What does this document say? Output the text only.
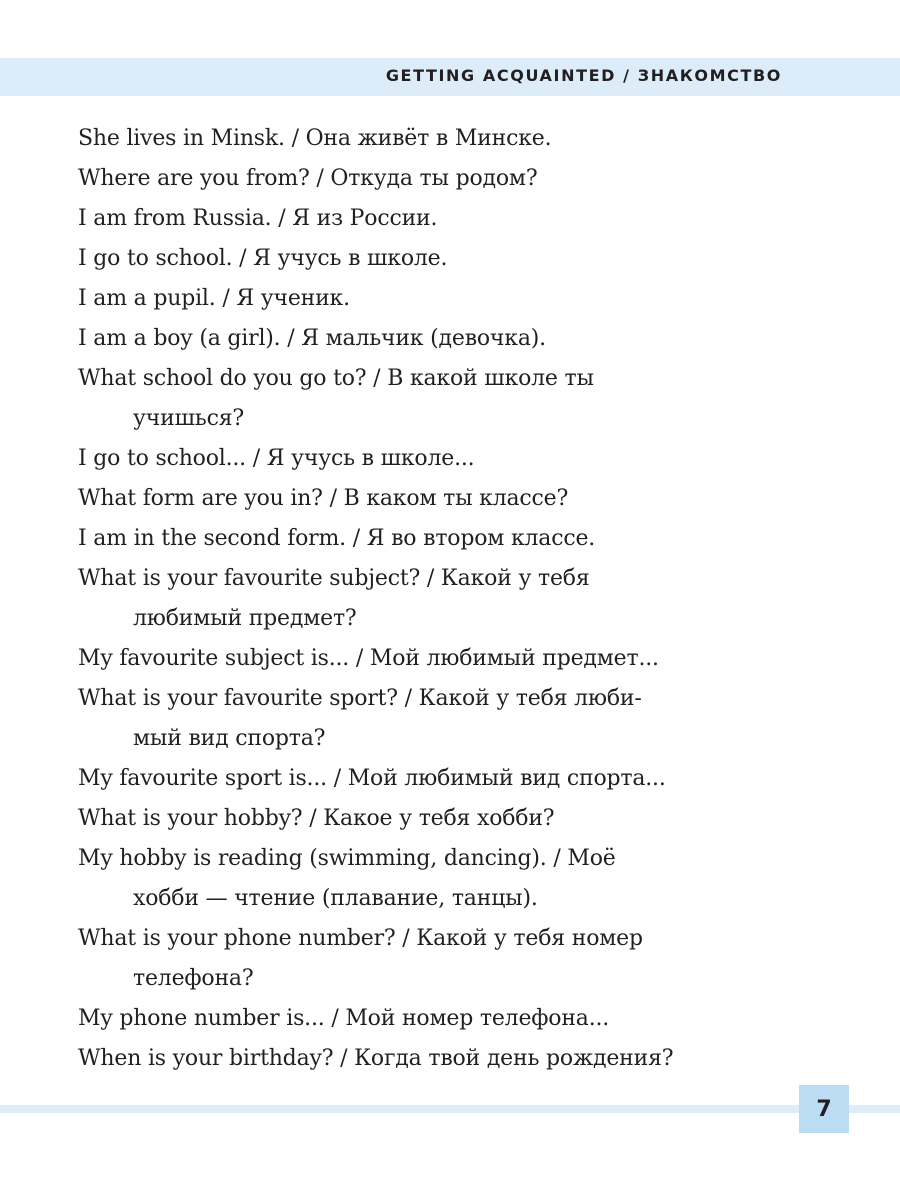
GETTING ACQUAINTED / ЗНАКОМСТВО
She lives in Minsk. / Она живёт в Минске.
Where are you from? / Откуда ты родом?
I am from Russia. / Я из России.
I go to school. / Я учусь в школе.
I am a pupil. / Я ученик.
I am a boy (a girl). / Я мальчик (девочка).
What school do you go to? / В какой школе ты
учишься?
I go to school... / Я учусь в школе...
What form are you in? / В каком ты классе?
I am in the second form. / Я во втором классе.
What is your favourite subject? / Какой у тебя
любимый предмет?
My favourite subject is... / Мой любимый предмет...
What is your favourite sport? / Какой у тебя люби-
мый вид спорта?
My favourite sport is... / Мой любимый вид спорта...
What is your hobby? / Какое у тебя хобби?
My hobby is reading (swimming, dancing). / Моё
хобби — чтение (плавание, танцы).
What is your phone number? / Какой у тебя номер
телефона?
My phone number is... / Мой номер телефона...
When is your birthday? / Когда твой день рождения?
7
